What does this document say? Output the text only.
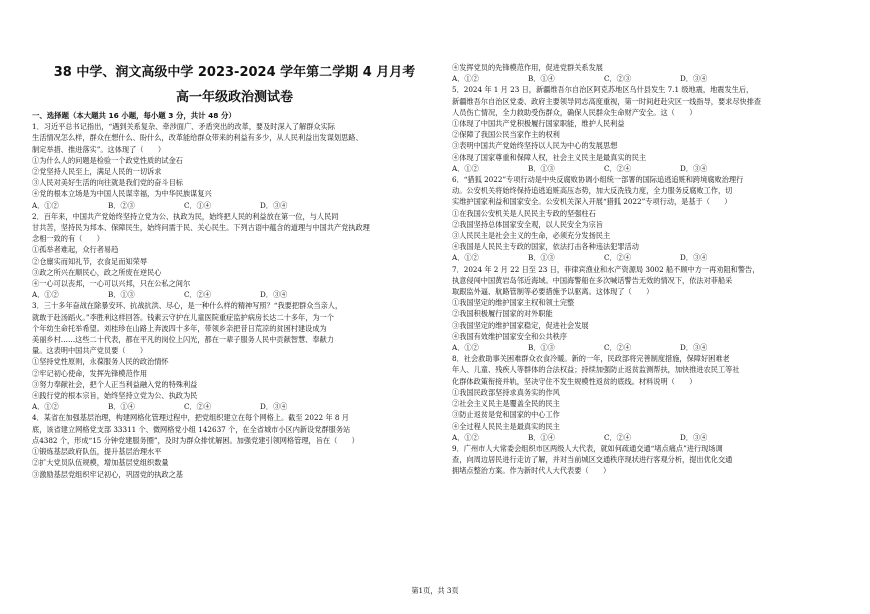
38 中学、润文高级中学 2023-2024 学年第二学期 4 月月考
高一年级政治测试卷
一、选择题（本大题共 16 小题，每小题 3 分，共计 48 分）
1．习近平总书记指出，“遇到关系复杂、牵涉面广、矛盾突出的改革，要及时深入了解群众实际
生活情况怎么样，群众在想什么、盼什么，改革能给群众带来的利益有多少，从人民利益出发谋划思路、
制定举措、推进落实”。这体现了（　　）
①为什么人的问题是检验一个政党性质的试金石
②党坚持人民至上，满足人民的一切诉求
③人民对美好生活的向往就是我们党的奋斗目标
④党的根本立场是为中国人民谋幸福，为中华民族谋复兴
A．①②	B．②③	C．①④	D．③④
2．百年来，中国共产党始终坚持立党为公、执政为民，始终把人民的利益放在第一位，与人民同
甘共苦，坚持民为邦本、保障民生，始终问需于民、关心民生。下列古语中蕴含的道理与中国共产党执政理
念相一致的有（　　）
①孤举者难起，众行者易趋
②仓廪实而知礼节，衣食足而知荣辱
③政之所兴在顺民心，政之所废在逆民心
④一心可以丧邦，一心可以兴邦，只在公私之间尔
A．①②	B．①③	C．②④	D．③④
3．三十多年奋战在除暴安环、抗战抗洪、尽心，是一种什么样的精神写照？“我要把群众当亲人，
就敢于赴汤蹈火。”李胜利这样回答。钱素云守护在儿童医院重症监护病房长达二十多年，为一个
个年幼生命托举希望。刘桂珍在山路上奔波四十多年，带领乡亲把昔日荒凉的贫困村建设成为
美丽乡村……这些二十代表，都在平凡的岗位上闪光，都在一辈子服务人民中贡献智慧、奉献力
量。这表明中国共产党员要（　　）
①坚持党性原则，永葆服务人民的政治情怀
②牢记初心使命，发挥先锋模范作用
③努力奉献社会，把个人正当利益融入党的特殊利益
④践行党的根本宗旨，始终坚持立党为公、执政为民
A．①②	B．①④	C．②④	D．③④
4．某省在加强基层治理，构建网格化管理过程中，把党组织建立在每个网格上。截至 2022 年 8 月
底，该省建立网格党支部 33311 个、微网格党小组 142637 个，在全省城市小区内新设党群服务站
点4382 个，形成“15 分钟党建服务圈”，及时为群众排忧解困。加强党建引领网格管理，旨在（　　）
①锻炼基层政府队伍，提升基层治理水平
②扩大党员队伍规模，增加基层党组织数量
③激励基层党组织牢记初心，巩固党的执政之基
④发挥党员的先锋模范作用，促进党群关系发展
A．①②	B．①④	C．②③	D．③④
5．2024 年 1 月 23 日，新疆维吾尔自治区阿克苏地区乌什县发生 7.1 级地震，地震发生后，
新疆维吾尔自治区党委、政府主要领导同志高度重视，第一时间赶赴灾区一线指导，要求尽快排查
人员伤亡情况，全力救助受伤群众，确保人民群众生命财产安全。这（　　）
①体现了中国共产党积极履行国家职能，维护人民利益
②保障了我国公民当家作主的权利
③表明中国共产党始终坚持以人民为中心的发展思想
④体现了国家尊重和保障人权，社会主义民主是最真实的民主
A．①②	B．①③	C．②④	D．③④
6．“猎狐 2022”专项行动是中央反腐败协调小组统一部署的国际追逃追赃和跨境腐败治理行
动。公安机关将始终保持追逃追赃高压态势，加大反洗钱力度，全力服务反腐败工作，切
实维护国家利益和国家安全。公安机关深入开展“猎狐 2022”专项行动，是基于（　　）
①在我国公安机关是人民民主专政的坚强柱石
②我国坚持总体国家安全观，以人民安全为宗旨
③人民民主是社会主义的生命，必须充分发扬民主
④我国是人民民主专政的国家，依法打击各种违法犯罪活动
A．①②	B．①③	C．②④	D．③④
7．2024 年 2 月 22 日至 23 日，菲律宾渔业和水产资源局 3002 船不顾中方一再劝阻和警告，
执意侵闯中国黄岩岛邻近海域。中国海警船在多次喊话警告无效的情况下，依法对菲船采
取跟监外逼、航路管制等必要措施予以驱离。这体现了（　　）
①我国坚定的维护国家主权和领土完整
②我国积极履行国家的对外职能
③我国坚定的维护国家稳定，促进社会发展
④我国有效维护国家安全和公共秩序
A．①②	B．①③	C．②④	D．③④
8．社会救助事关困难群众衣食冷暖。新的一年，民政部将完善制度措施，保障好困难老
年人、儿童、残疾人等群体的合法权益；持续加强防止返贫监测帮扶，加快推进农民工等社
化群体政策衔接并轨，坚决守住不发生规模性返贫的底线。材料说明（　　）
①我国民政部坚持求真务实的作风
②社会主义民主是覆盖全民的民主
③防止返贫是党和国家的中心工作
④全过程人民民主是最真实的民主
A．①②	B．①④	C．②④	D．③④
9．广州市人大常委会组织市区两级人大代表，就如何疏通交通“堵点痛点”进行现场调
查，向周边居民进行走访了解，并对当前城区交通秩序现状进行客观分析，提出优化交通
拥堵点整治方案。作为新时代人大代表要（　　）
第1页，共 3页
